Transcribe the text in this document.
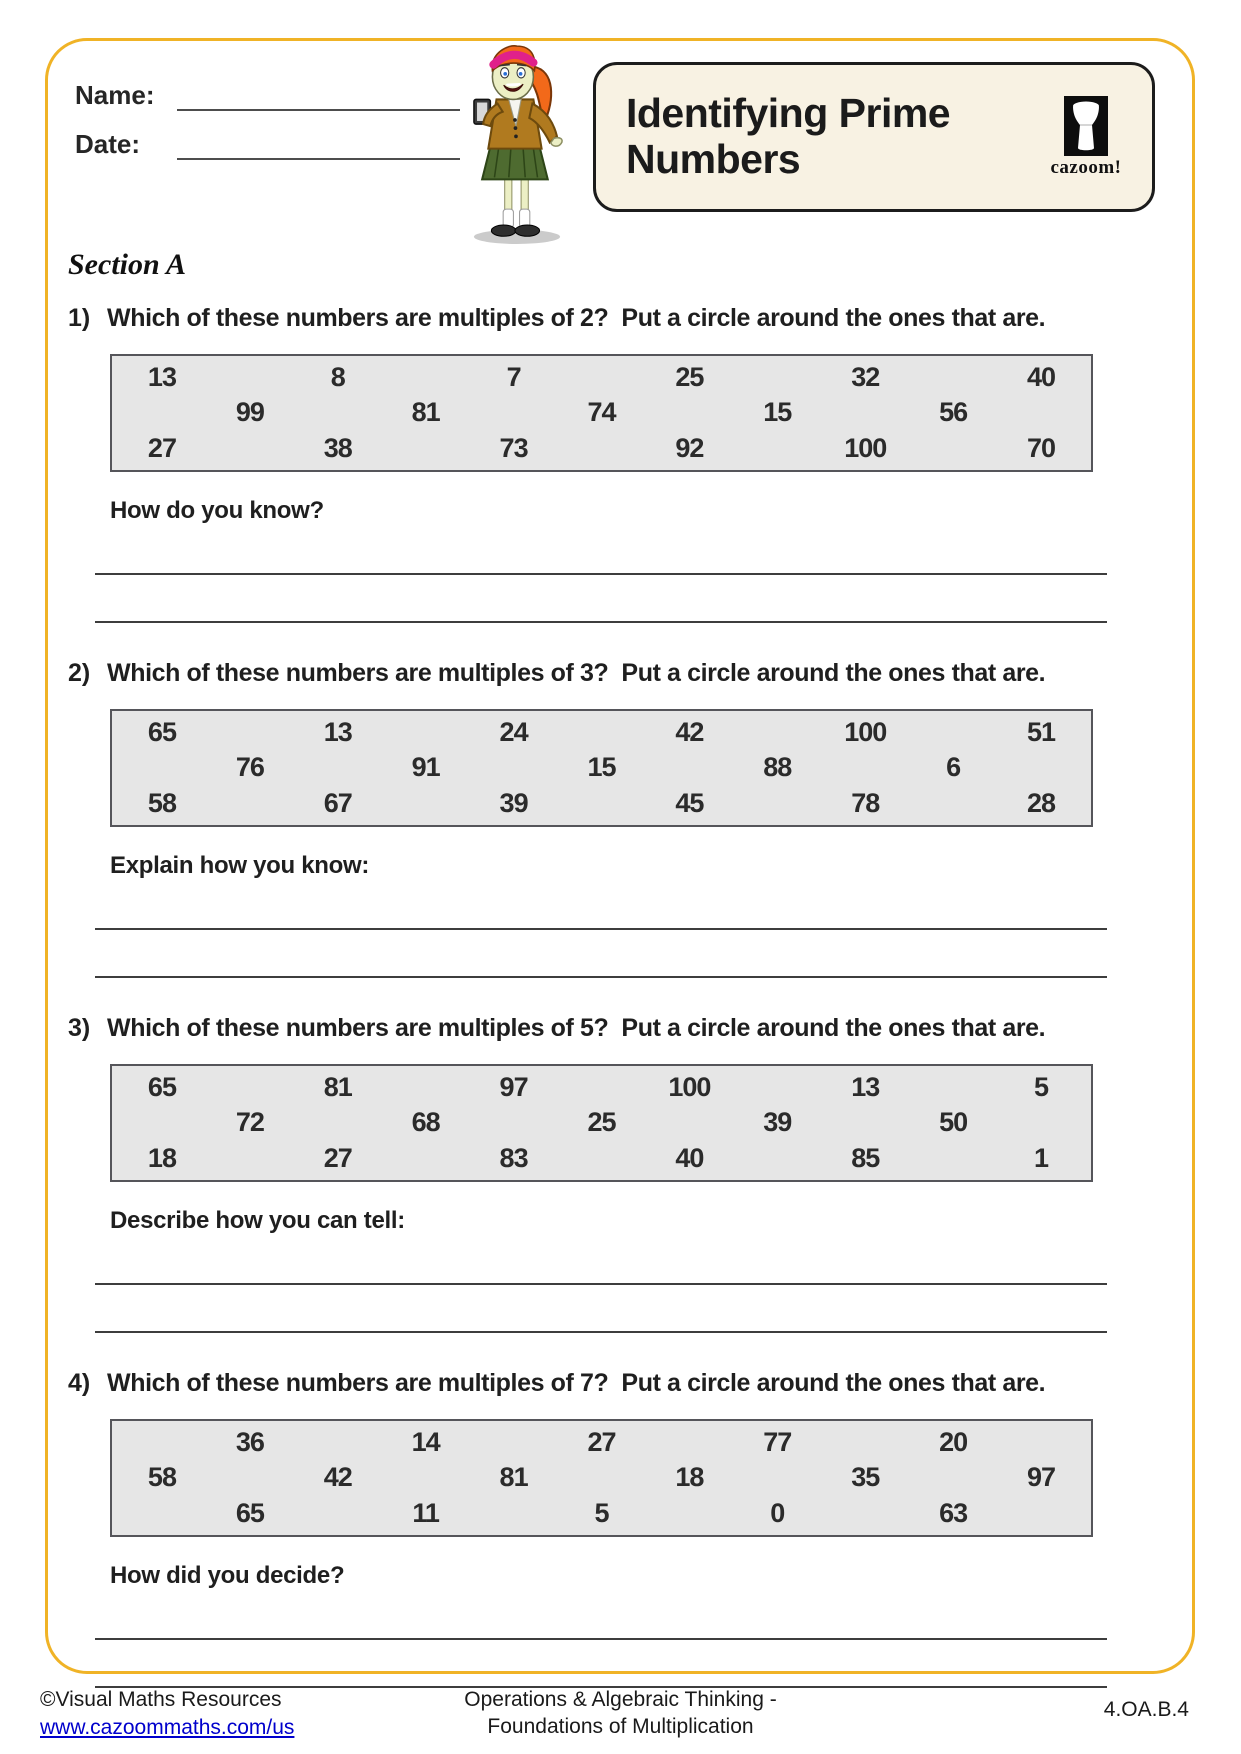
Name:
Date:
Identifying Prime Numbers	cazoom!
Section A
1) Which of these numbers are multiples of 2?  Put a circle around the ones that are.
13	8	7	25	32	40
99	81	74	15	56
27	38	73	92	100	70
How do you know?
2) Which of these numbers are multiples of 3?  Put a circle around the ones that are.
65	13	24	42	100	51
76	91	15	88	6
58	67	39	45	78	28
Explain how you know:
3) Which of these numbers are multiples of 5?  Put a circle around the ones that are.
65	81	97	100	13	5
72	68	25	39	50
18	27	83	40	85	1
Describe how you can tell:
4) Which of these numbers are multiples of 7?  Put a circle around the ones that are.
36	14	27	77	20
58	42	81	18	35	97
65	11	5	0	63
How did you decide?
©Visual Maths Resources
www.cazoommaths.com/us
Operations & Algebraic Thinking -
Foundations of Multiplication
4.OA.B.4
